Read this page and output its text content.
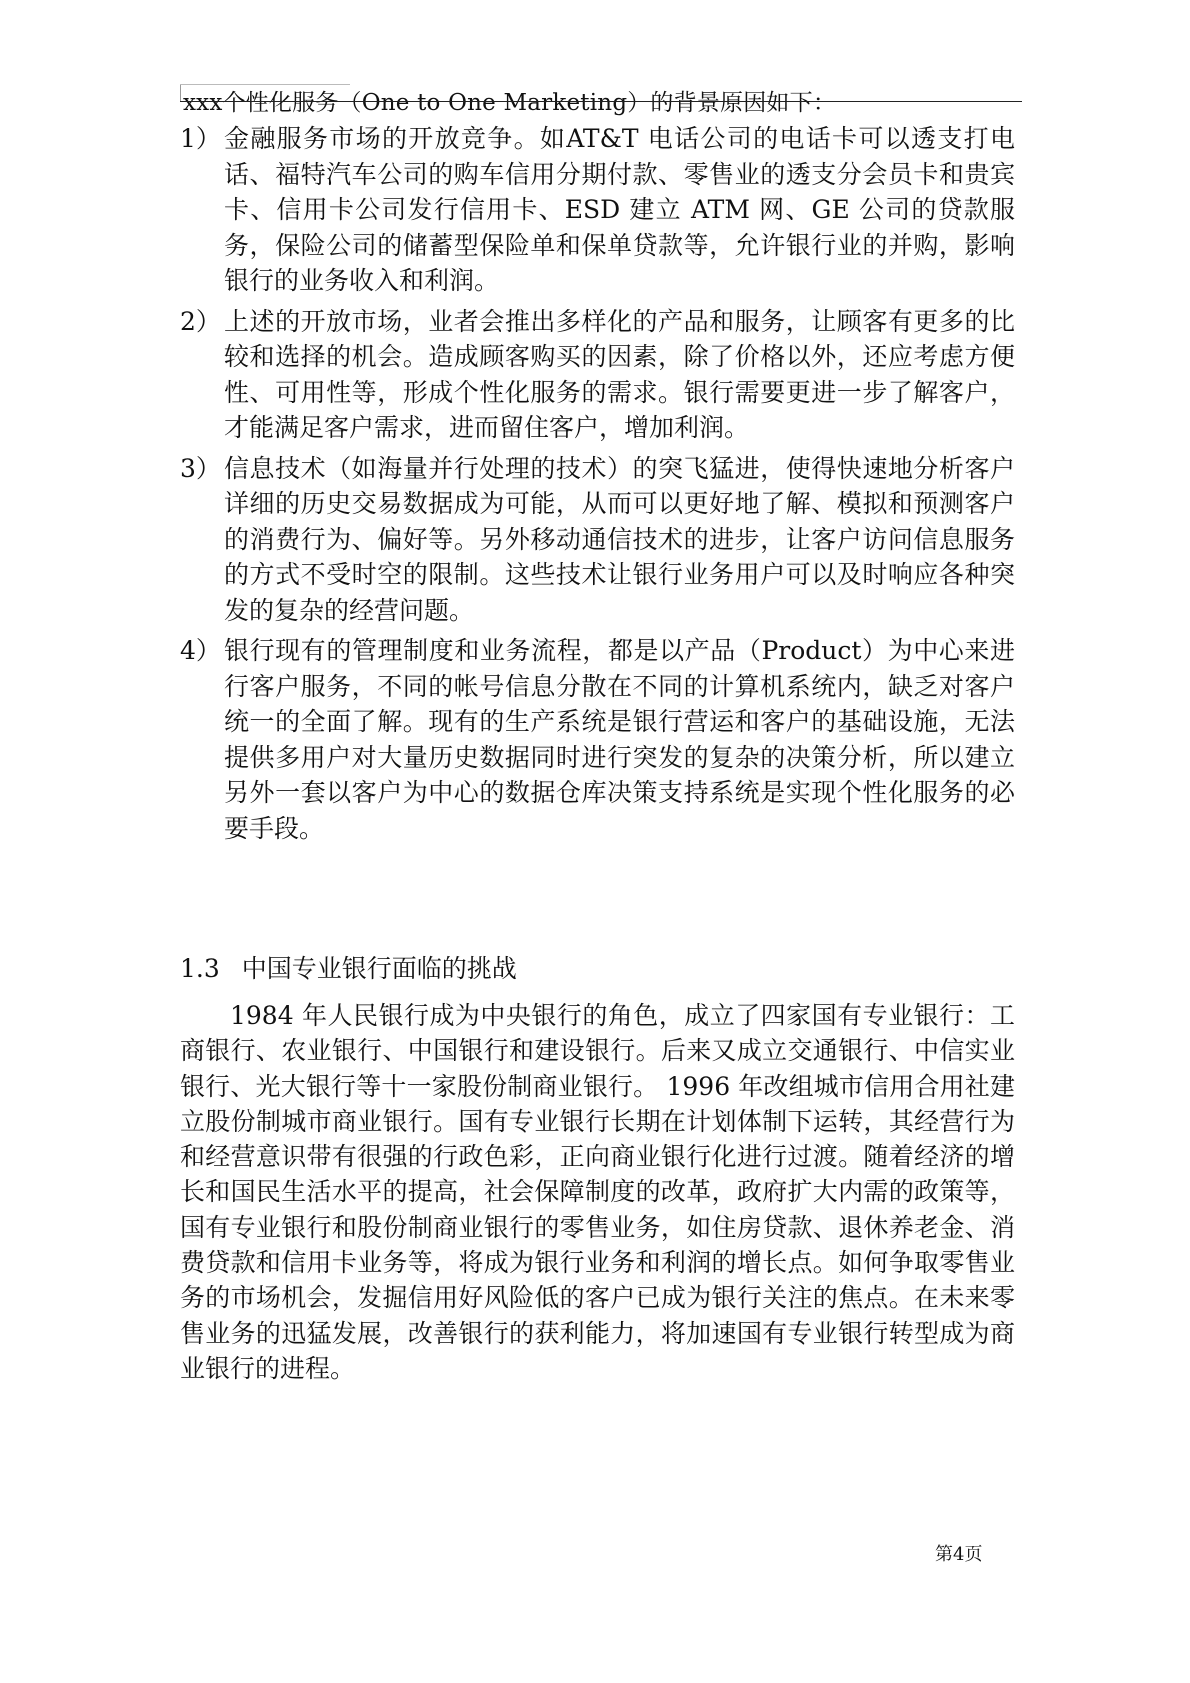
xxx个性化服务（One to One Marketing）的背景原因如下：
1） 金融服务市场的开放竞争。如AT&T 电话公司的电话卡可以透支打电话、福特汽车公司的购车信用分期付款、零售业的透支分会员卡和贵宾卡、信用卡公司发行信用卡、ESD 建立 ATM 网、GE 公司的贷款服务，保险公司的储蓄型保险单和保单贷款等，允许银行业的并购，影响银行的业务收入和利润。

2） 上述的开放市场，业者会推出多样化的产品和服务，让顾客有更多的比较和选择的机会。造成顾客购买的因素，除了价格以外，还应考虑方便性、可用性等，形成个性化服务的需求。银行需要更进一步了解客户，才能满足客户需求，进而留住客户，增加利润。

3） 信息技术（如海量并行处理的技术）的突飞猛进，使得快速地分析客户详细的历史交易数据成为可能，从而可以更好地了解、模拟和预测客户的消费行为、偏好等。另外移动通信技术的进步，让客户访问信息服务的方式不受时空的限制。这些技术让银行业务用户可以及时响应各种突发的复杂的经营问题。

4） 银行现有的管理制度和业务流程，都是以产品（Product）为中心来进行客户服务，不同的帐号信息分散在不同的计算机系统内，缺乏对客户统一的全面了解。现有的生产系统是银行营运和客户的基础设施，无法提供多用户对大量历史数据同时进行突发的复杂的决策分析，所以建立另外一套以客户为中心的数据仓库决策支持系统是实现个性化服务的必要手段。

1.3 中国专业银行面临的挑战

1984 年人民银行成为中央银行的角色，成立了四家国有专业银行：工商银行、农业银行、中国银行和建设银行。后来又成立交通银行、中信实业银行、光大银行等十一家股份制商业银行。 1996 年改组城市信用合用社建立股份制城市商业银行。国有专业银行长期在计划体制下运转，其经营行为和经营意识带有很强的行政色彩，正向商业银行化进行过渡。随着经济的增长和国民生活水平的提高，社会保障制度的改革，政府扩大内需的政策等，国有专业银行和股份制商业银行的零售业务，如住房贷款、退休养老金、消费贷款和信用卡业务等，将成为银行业务和利润的增长点。如何争取零售业务的市场机会，发掘信用好风险低的客户已成为银行关注的焦点。在未来零售业务的迅猛发展，改善银行的获利能力，将加速国有专业银行转型成为商业银行的进程。

第4页
